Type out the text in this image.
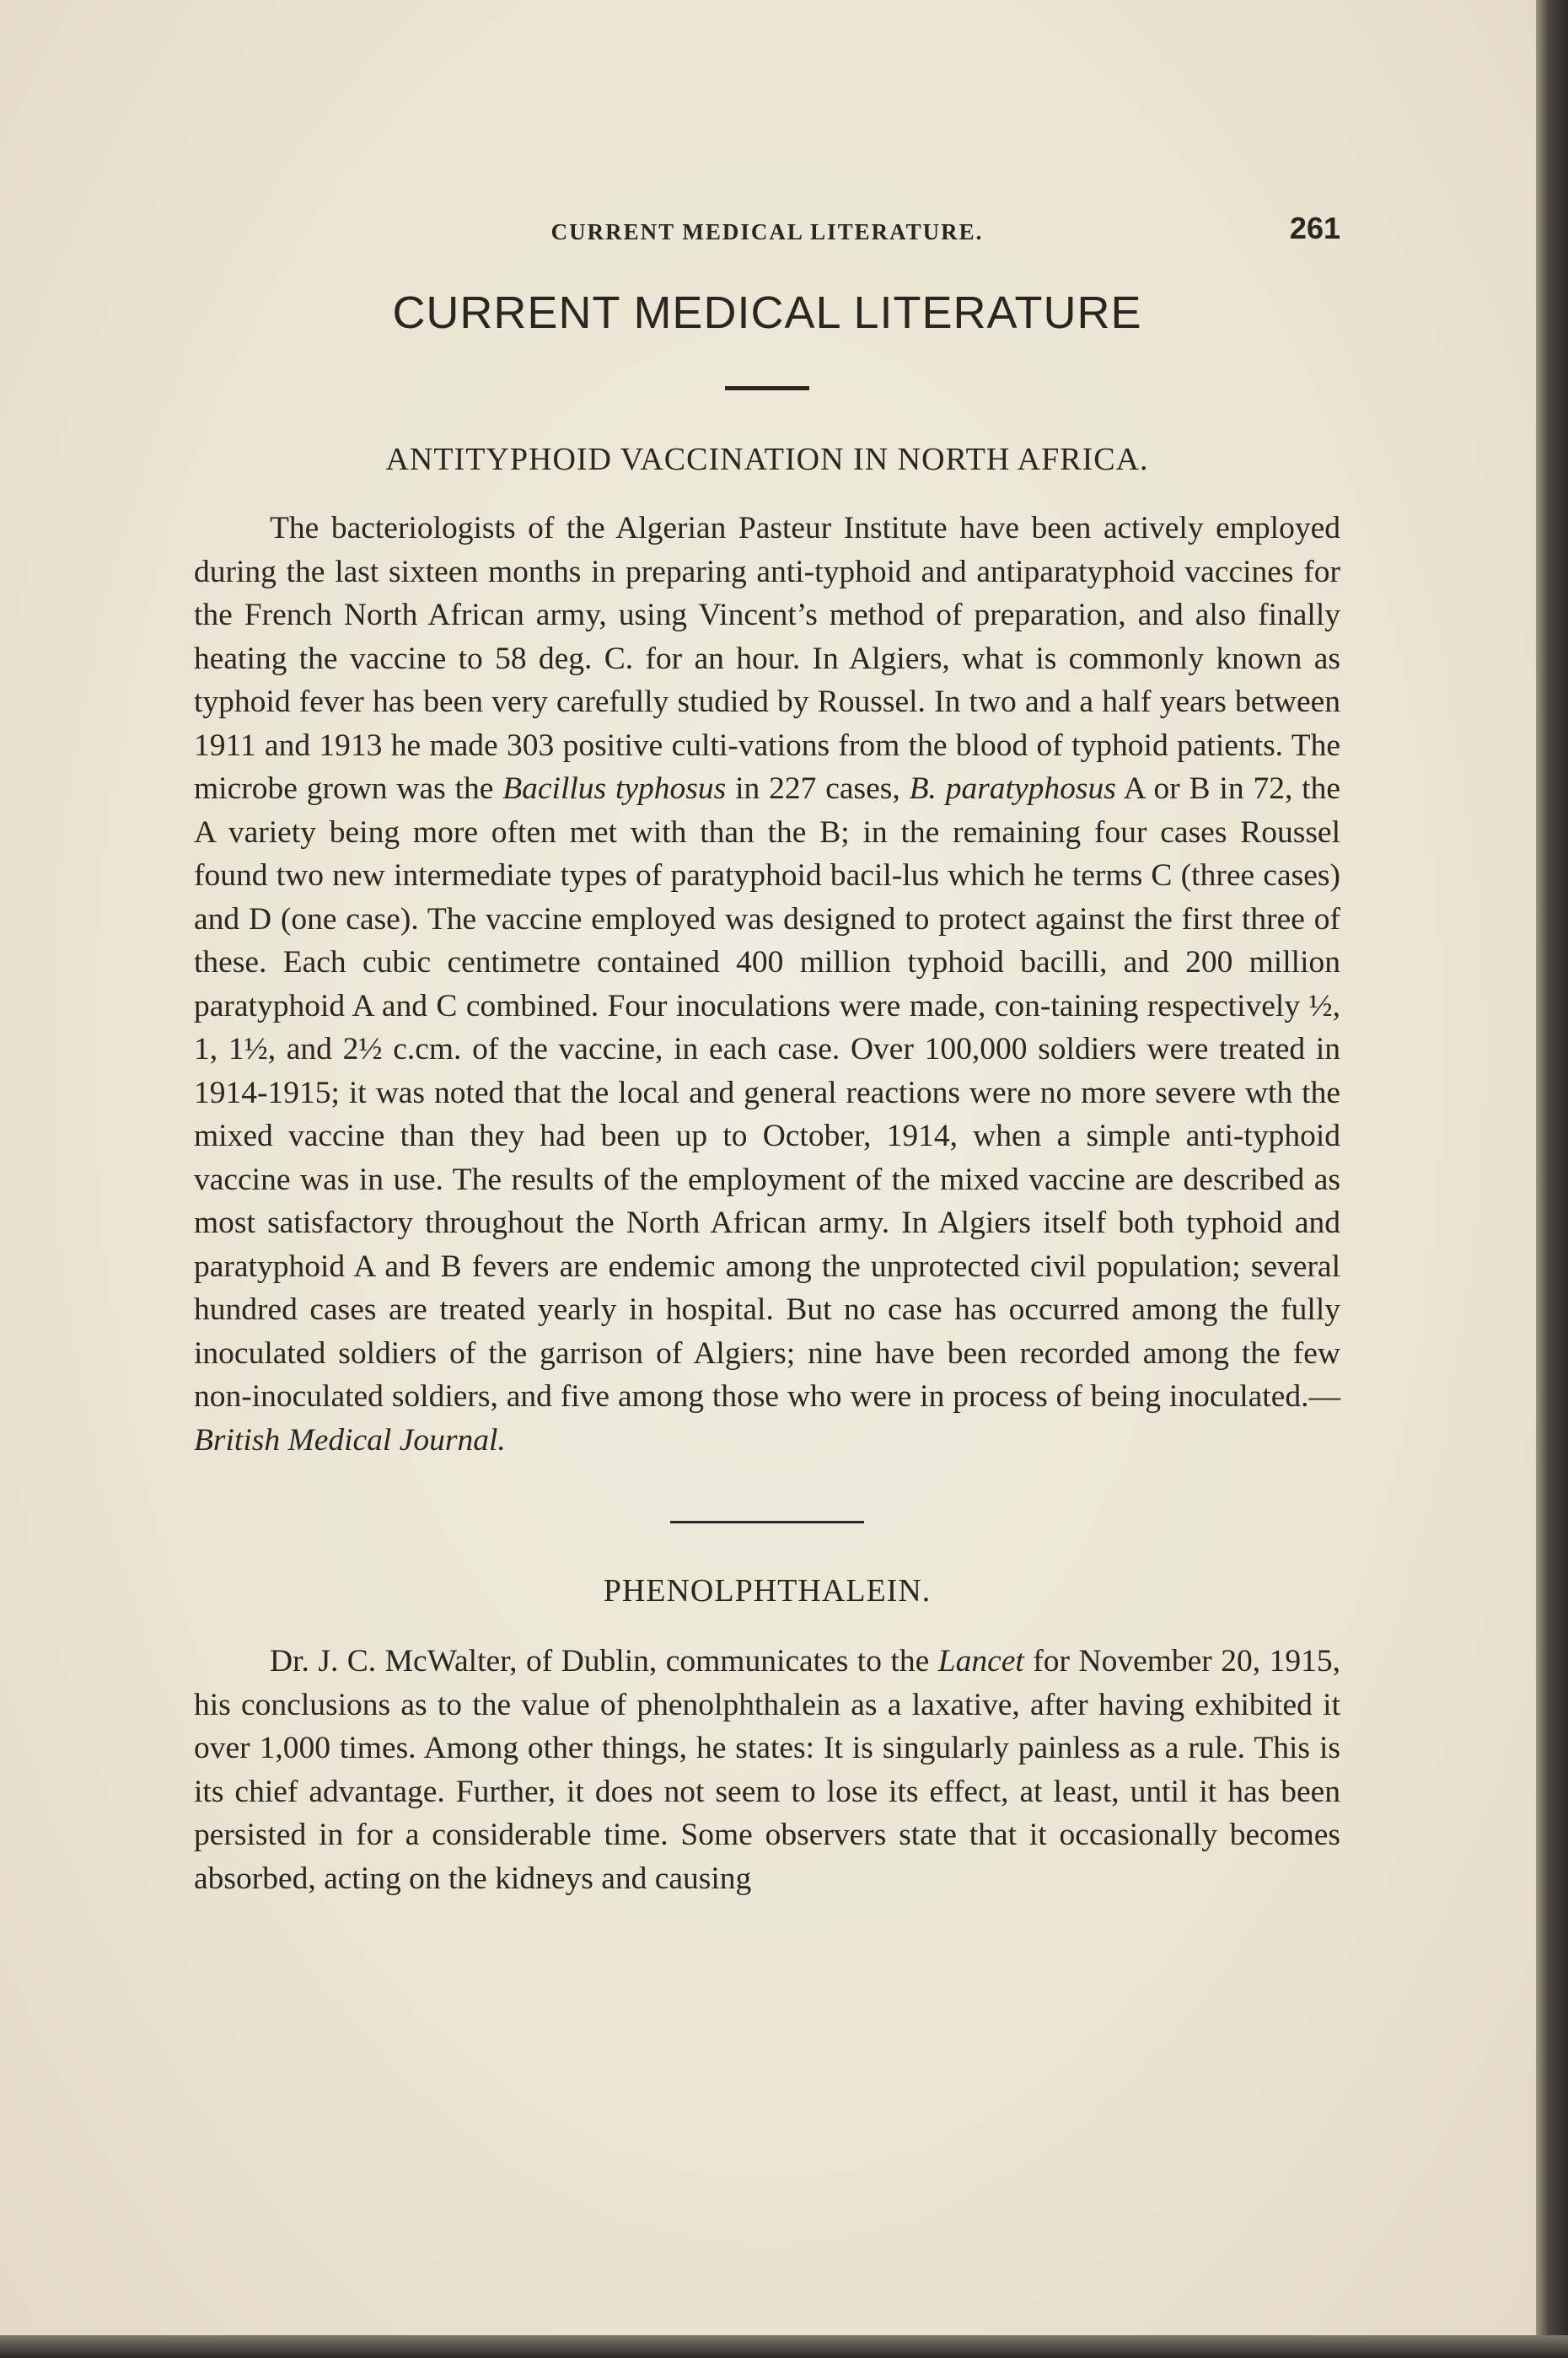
CURRENT MEDICAL LITERATURE.	261
CURRENT MEDICAL LITERATURE
ANTITYPHOID VACCINATION IN NORTH AFRICA.

The bacteriologists of the Algerian Pasteur Institute have been actively employed during the last sixteen months in preparing anti-typhoid and antiparatyphoid vaccines for the French North African army, using Vincent’s method of preparation, and also finally heating the vaccine to 58 deg. C. for an hour. In Algiers, what is commonly known as typhoid fever has been very carefully studied by Roussel. In two and a half years between 1911 and 1913 he made 303 positive culti-vations from the blood of typhoid patients. The microbe grown was the Bacillus typhosus in 227 cases, B. paratyphosus A or B in 72, the A variety being more often met with than the B; in the remaining four cases Roussel found two new intermediate types of paratyphoid bacil-lus which he terms C (three cases) and D (one case). The vaccine employed was designed to protect against the first three of these. Each cubic centimetre contained 400 million typhoid bacilli, and 200 million paratyphoid A and C combined. Four inoculations were made, con-taining respectively ½, 1, 1½, and 2½ c.cm. of the vaccine, in each case. Over 100,000 soldiers were treated in 1914-1915; it was noted that the local and general reactions were no more severe wth the mixed vaccine than they had been up to October, 1914, when a simple anti-typhoid vaccine was in use. The results of the employment of the mixed vaccine are described as most satisfactory throughout the North African army. In Algiers itself both typhoid and paratyphoid A and B fevers are endemic among the unprotected civil population; several hundred cases are treated yearly in hospital. But no case has occurred among the fully inoculated soldiers of the garrison of Algiers; nine have been recorded among the few non-inoculated soldiers, and five among those who were in process of being inoculated.—British Medical Journal.

PHENOLPHTHALEIN.

Dr. J. C. McWalter, of Dublin, communicates to the Lancet for November 20, 1915, his conclusions as to the value of phenolphthalein as a laxative, after having exhibited it over 1,000 times. Among other things, he states: It is singularly painless as a rule. This is its chief advantage. Further, it does not seem to lose its effect, at least, until it has been persisted in for a considerable time. Some observers state that it occasionally becomes absorbed, acting on the kidneys and causing
